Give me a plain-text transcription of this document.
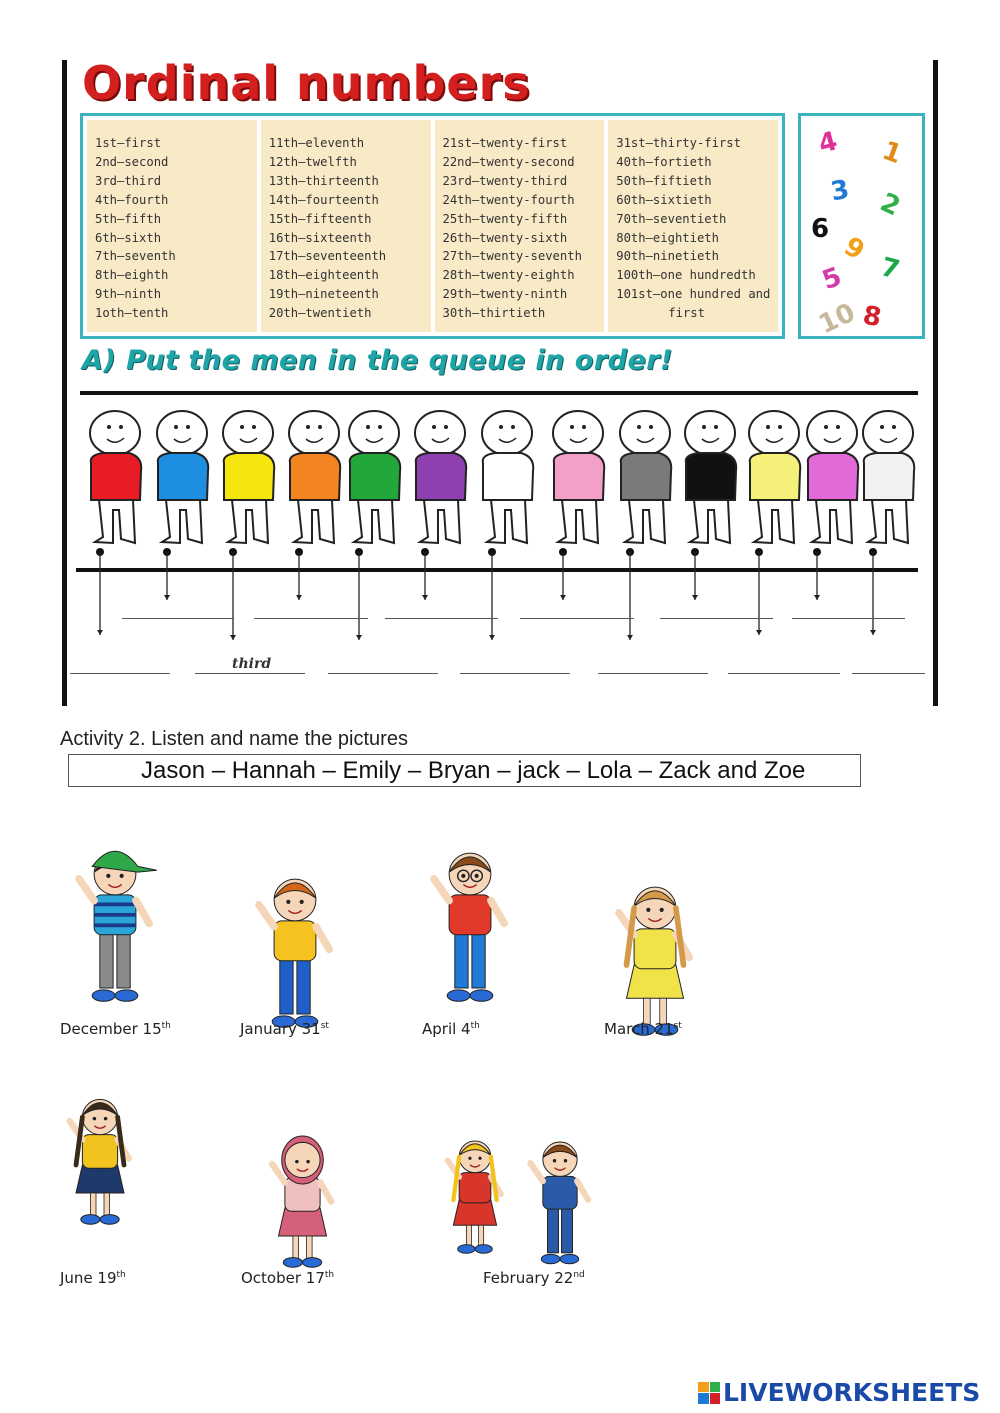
Ordinal numbers
1st—first
2nd—second
3rd—third
4th—fourth
5th—fifth
6th—sixth
7th—seventh
8th—eighth
9th—ninth
1oth—tenth
11th—eleventh
12th—twelfth
13th—thirteenth
14th—fourteenth
15th—fifteenth
16th—sixteenth
17th—seventeenth
18th—eighteenth
19th—nineteenth
20th—twentieth
21st—twenty-first
22nd—twenty-second
23rd—twenty-third
24th—twenty-fourth
25th—twenty-fifth
26th—twenty-sixth
27th—twenty-seventh
28th—twenty-eighth
29th—twenty-ninth
30th—thirtieth
31st—thirty-first
40th—fortieth
50th—fiftieth
60th—sixtieth
70th—seventieth
80th—eightieth
90th—ninetieth
100th—one hundredth
101st—one hundred and
first
4 1
3 2
6
9
7
5
10 8
A) Put the men in the queue in order!
third
Activity 2. Listen and name the pictures
Jason – Hannah – Emily – Bryan – jack – Lola – Zack and Zoe
December 15th	January 31st	April 4th	March 21st
June 19th	October 17th	February 22nd
LIVEWORKSHEETS
